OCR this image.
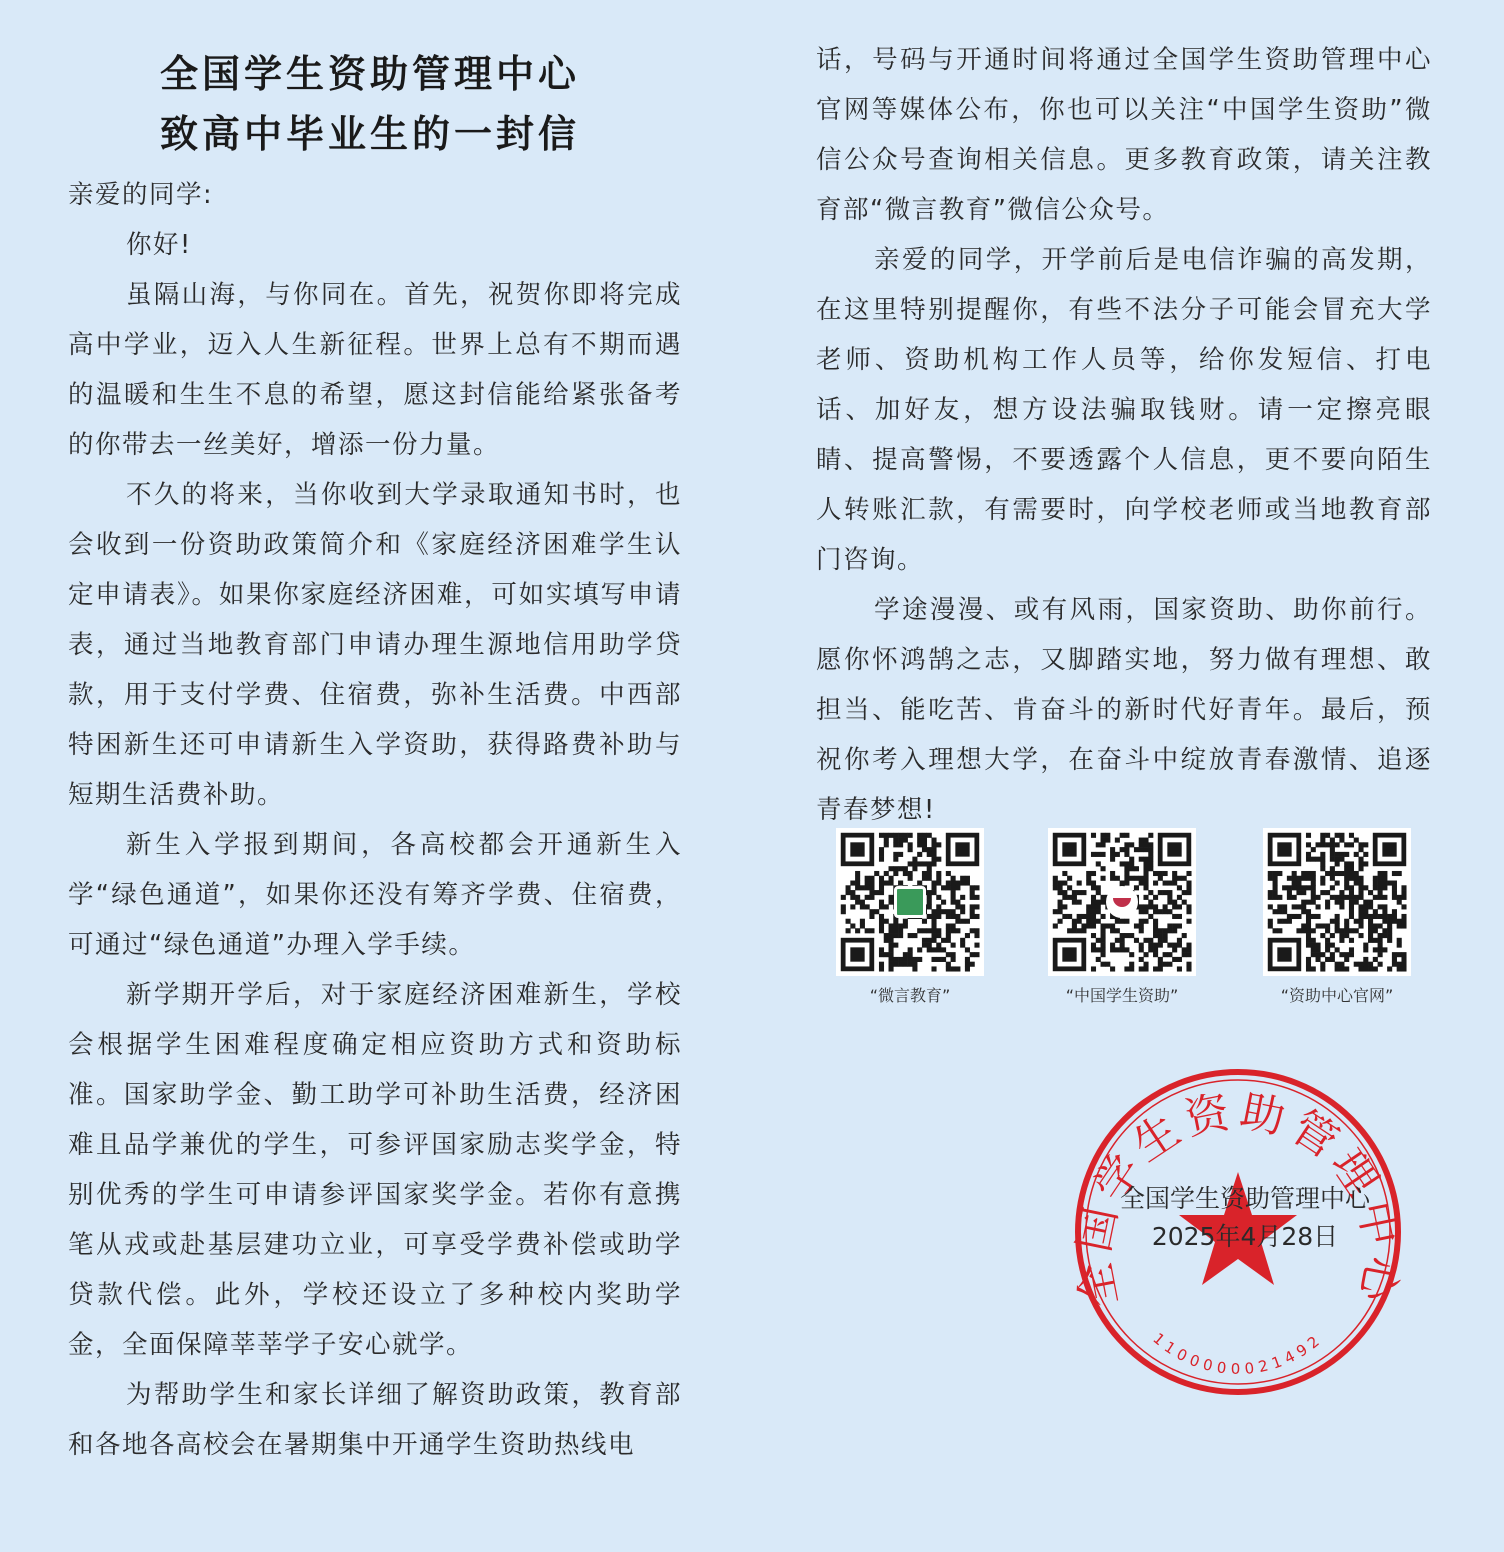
全国学生资助管理中心
致高中毕业生的一封信

亲爱的同学:

你好!

虽隔山海，与你同在。首先，祝贺你即将完成高中学业，迈入人生新征程。世界上总有不期而遇的温暖和生生不息的希望，愿这封信能给紧张备考的你带去一丝美好，增添一份力量。

不久的将来，当你收到大学录取通知书时，也会收到一份资助政策简介和《家庭经济困难学生认定申请表》。如果你家庭经济困难，可如实填写申请表，通过当地教育部门申请办理生源地信用助学贷款，用于支付学费、住宿费，弥补生活费。中西部特困新生还可申请新生入学资助，获得路费补助与短期生活费补助。

新生入学报到期间，各高校都会开通新生入学“绿色通道”，如果你还没有筹齐学费、住宿费，可通过“绿色通道”办理入学手续。

新学期开学后，对于家庭经济困难新生，学校会根据学生困难程度确定相应资助方式和资助标准。国家助学金、勤工助学可补助生活费，经济困难且品学兼优的学生，可参评国家励志奖学金，特别优秀的学生可申请参评国家奖学金。若你有意携笔从戎或赴基层建功立业，可享受学费补偿或助学贷款代偿。此外，学校还设立了多种校内奖助学金，全面保障莘莘学子安心就学。

为帮助学生和家长详细了解资助政策，教育部和各地各高校会在暑期集中开通学生资助热线电

话，号码与开通时间将通过全国学生资助管理中心官网等媒体公布，你也可以关注“中国学生资助”微信公众号查询相关信息。更多教育政策，请关注教育部“微言教育”微信公众号。

亲爱的同学，开学前后是电信诈骗的高发期，在这里特别提醒你，有些不法分子可能会冒充大学老师、资助机构工作人员等，给你发短信、打电话、加好友，想方设法骗取钱财。请一定擦亮眼睛、提高警惕，不要透露个人信息，更不要向陌生人转账汇款，有需要时，向学校老师或当地教育部门咨询。

学途漫漫、或有风雨，国家资助、助你前行。愿你怀鸿鹄之志，又脚踏实地，努力做有理想、敢担当、能吃苦、肯奋斗的新时代好青年。最后，预祝你考入理想大学，在奋斗中绽放青春激情、追逐青春梦想!

“微言教育”	“中国学生资助”	“资助中心官网”
全国学生资助管理中心
1100000021492
全国学生资助管理中心
2025年4月28日
